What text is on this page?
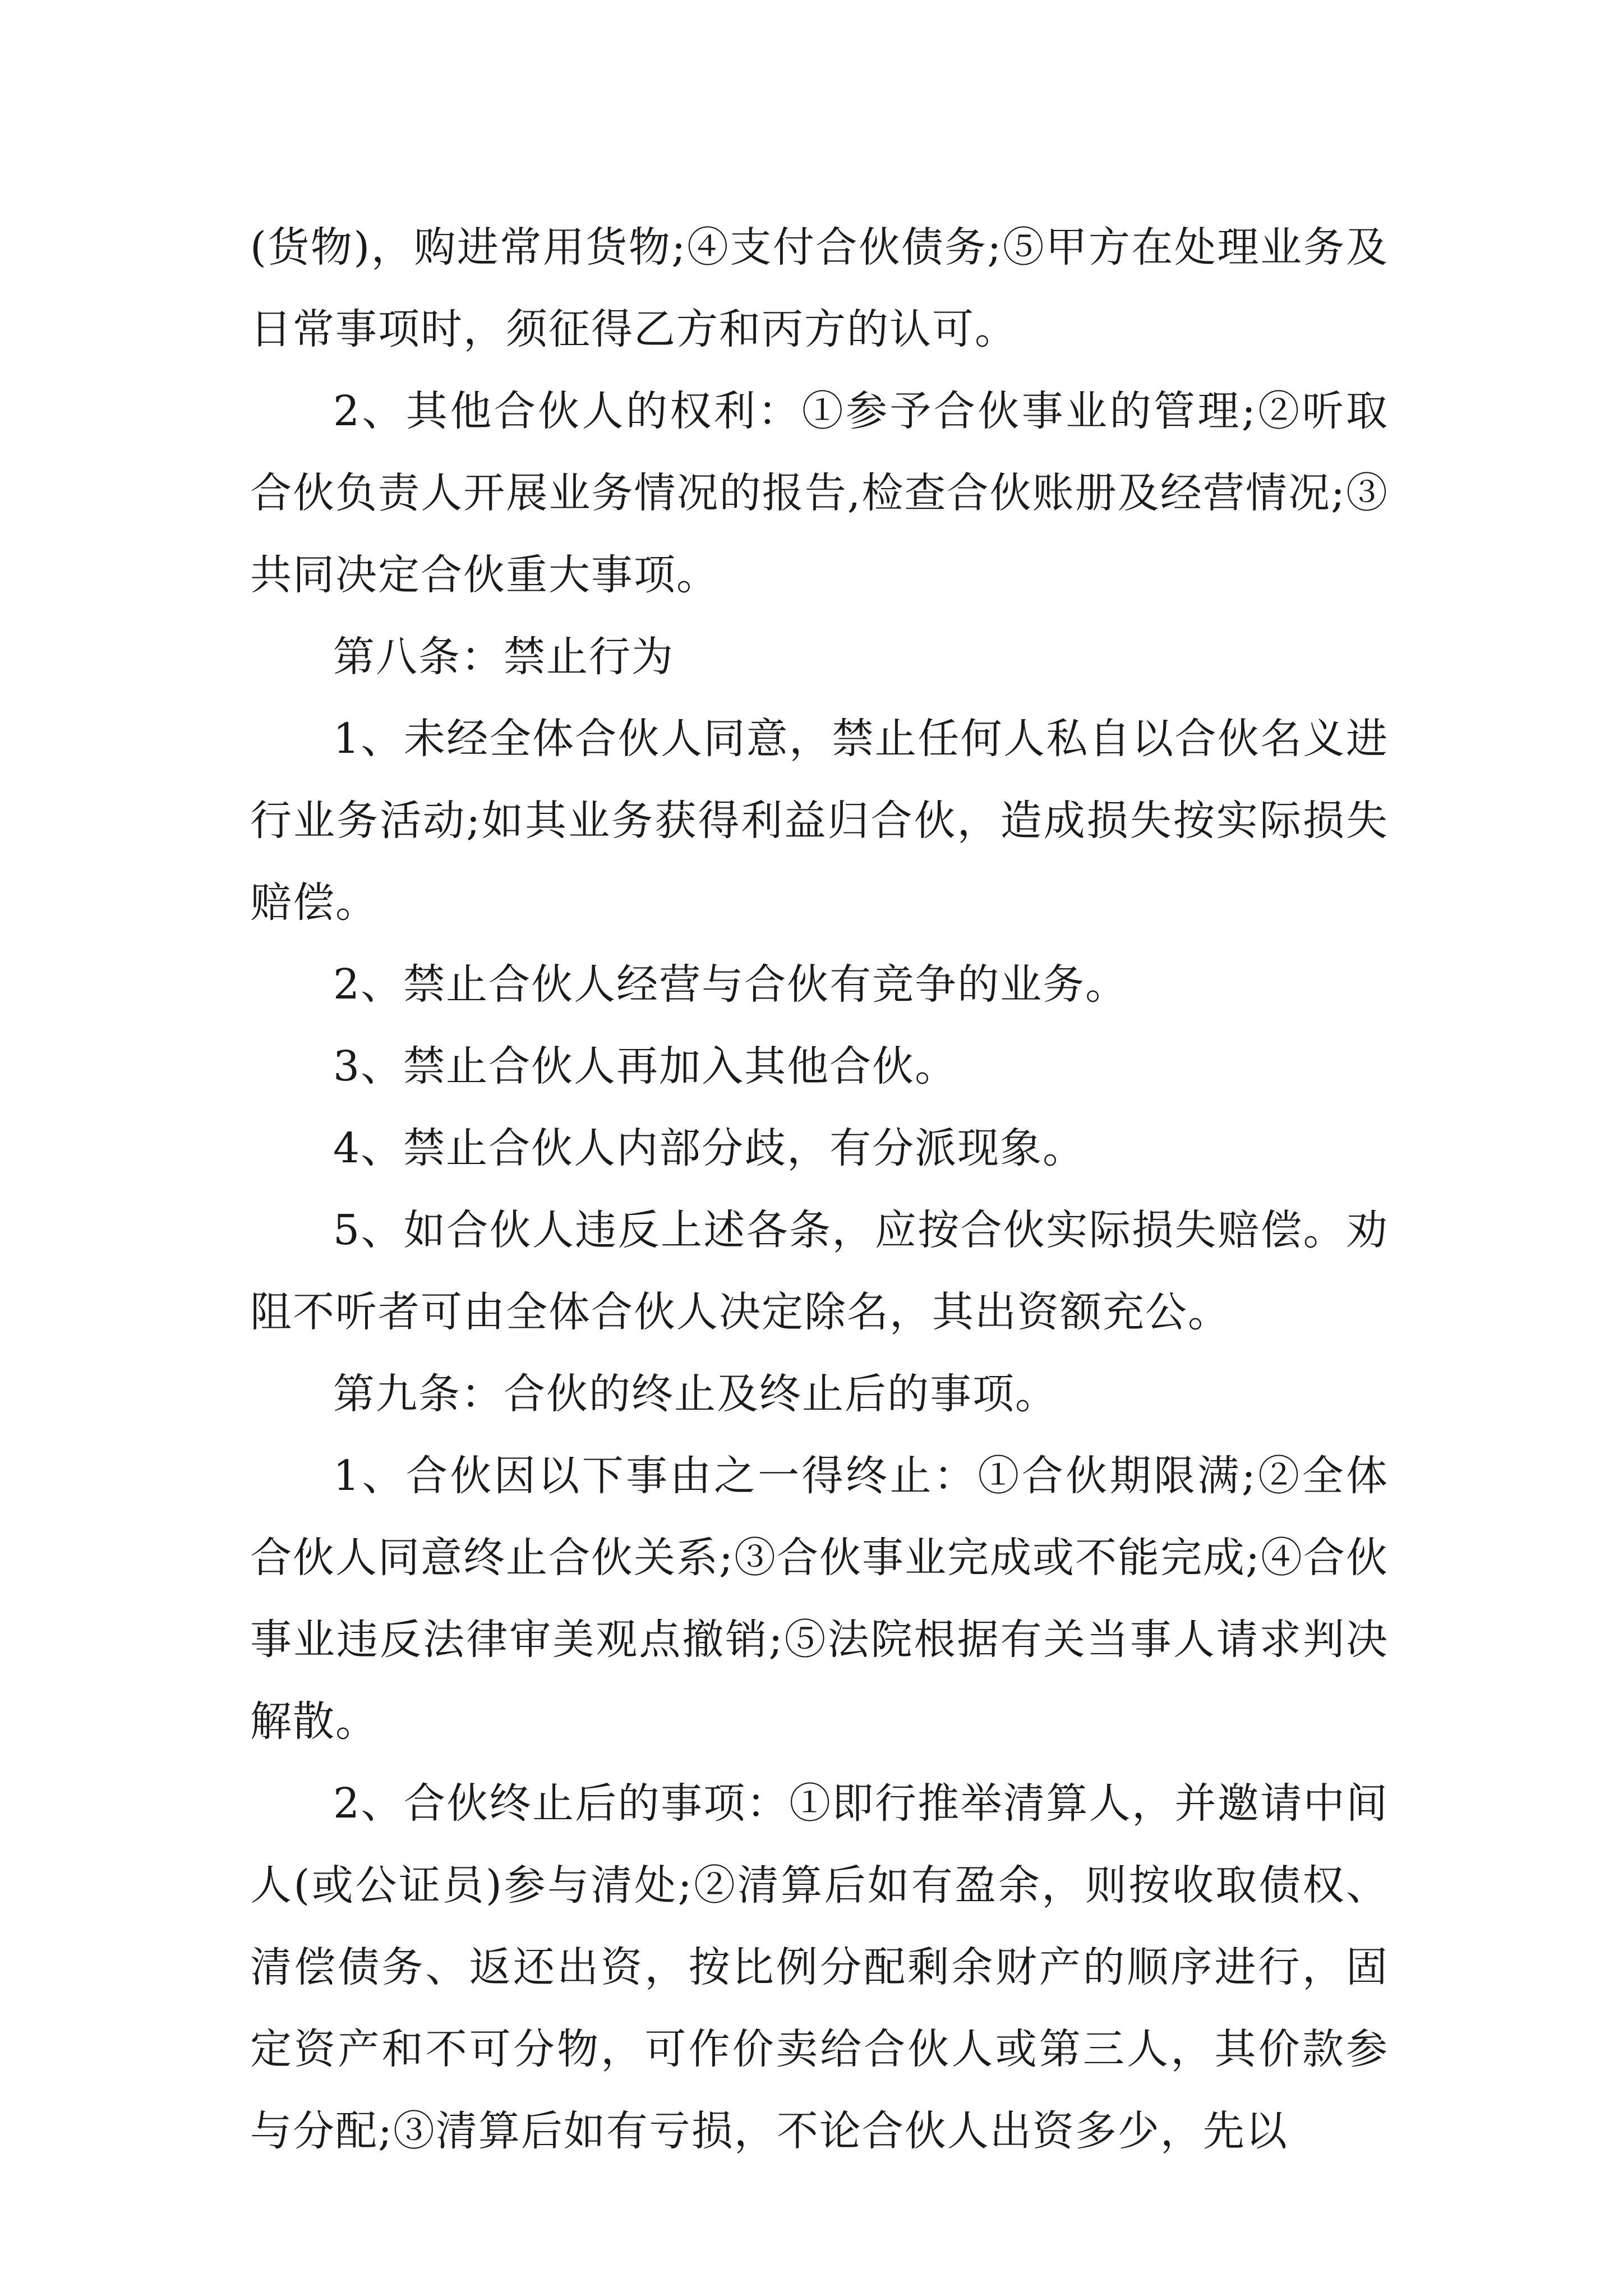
(货物)，购进常用货物;④支付合伙债务;⑤甲方在处理业务及日常事项时，须征得乙方和丙方的认可。

2、其他合伙人的权利：①参予合伙事业的管理;②听取合伙负责人开展业务情况的报告,检查合伙账册及经营情况;③共同决定合伙重大事项。

第八条：禁止行为

1、未经全体合伙人同意，禁止任何人私自以合伙名义进行业务活动;如其业务获得利益归合伙，造成损失按实际损失赔偿。

2、禁止合伙人经营与合伙有竞争的业务。

3、禁止合伙人再加入其他合伙。

4、禁止合伙人内部分歧，有分派现象。

5、如合伙人违反上述各条，应按合伙实际损失赔偿。劝阻不听者可由全体合伙人决定除名，其出资额充公。

第九条：合伙的终止及终止后的事项。

1、合伙因以下事由之一得终止：①合伙期限满;②全体合伙人同意终止合伙关系;③合伙事业完成或不能完成;④合伙事业违反法律审美观点撤销;⑤法院根据有关当事人请求判决解散。

2、合伙终止后的事项：①即行推举清算人，并邀请中间人(或公证员)参与清处;②清算后如有盈余，则按收取债权、清偿债务、返还出资，按比例分配剩余财产的顺序进行，固定资产和不可分物，可作价卖给合伙人或第三人，其价款参与分配;③清算后如有亏损，不论合伙人出资多少，先以
